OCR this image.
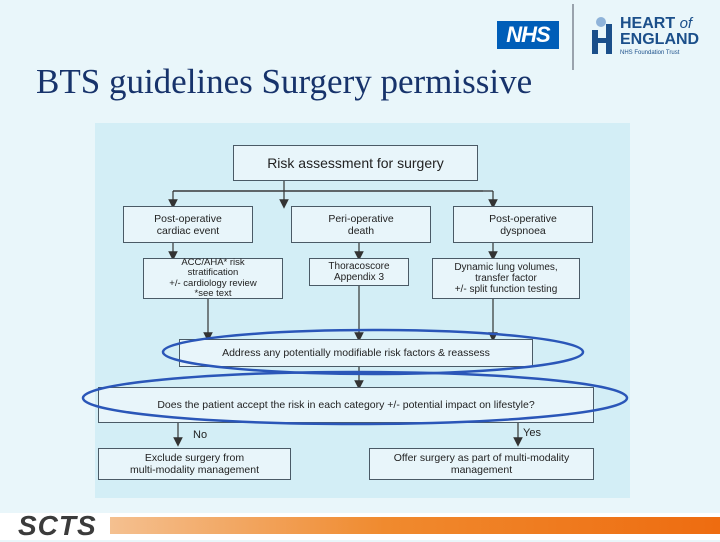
BTS guidelines Surgery permissive
NHS	HEART of
ENGLAND
NHS Foundation Trust
Risk assessment for surgery
Post-operative
cardiac event
Peri-operative
death
Post-operative
dyspnoea
ACC/AHA* risk
stratification
+/- cardiology review
*see text
Thoracoscore
Appendix 3
Dynamic lung volumes,
transfer factor
+/- split function testing
Address any potentially modifiable risk factors & reassess
Does the patient accept the risk in each category +/- potential impact on lifestyle?
No	Yes
Exclude surgery from
multi-modality management
Offer surgery as part of multi-modality
management
SCTS
